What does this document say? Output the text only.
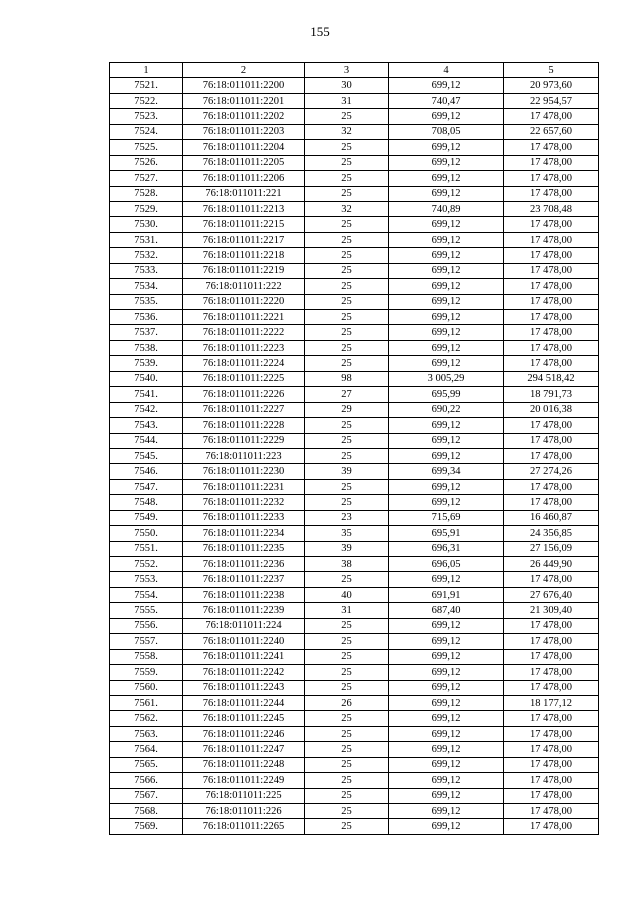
155
1	2	3	4	5
7521.	76:18:011011:2200	30	699,12	20 973,60
7522.	76:18:011011:2201	31	740,47	22 954,57
7523.	76:18:011011:2202	25	699,12	17 478,00
7524.	76:18:011011:2203	32	708,05	22 657,60
7525.	76:18:011011:2204	25	699,12	17 478,00
7526.	76:18:011011:2205	25	699,12	17 478,00
7527.	76:18:011011:2206	25	699,12	17 478,00
7528.	76:18:011011:221	25	699,12	17 478,00
7529.	76:18:011011:2213	32	740,89	23 708,48
7530.	76:18:011011:2215	25	699,12	17 478,00
7531.	76:18:011011:2217	25	699,12	17 478,00
7532.	76:18:011011:2218	25	699,12	17 478,00
7533.	76:18:011011:2219	25	699,12	17 478,00
7534.	76:18:011011:222	25	699,12	17 478,00
7535.	76:18:011011:2220	25	699,12	17 478,00
7536.	76:18:011011:2221	25	699,12	17 478,00
7537.	76:18:011011:2222	25	699,12	17 478,00
7538.	76:18:011011:2223	25	699,12	17 478,00
7539.	76:18:011011:2224	25	699,12	17 478,00
7540.	76:18:011011:2225	98	3 005,29	294 518,42
7541.	76:18:011011:2226	27	695,99	18 791,73
7542.	76:18:011011:2227	29	690,22	20 016,38
7543.	76:18:011011:2228	25	699,12	17 478,00
7544.	76:18:011011:2229	25	699,12	17 478,00
7545.	76:18:011011:223	25	699,12	17 478,00
7546.	76:18:011011:2230	39	699,34	27 274,26
7547.	76:18:011011:2231	25	699,12	17 478,00
7548.	76:18:011011:2232	25	699,12	17 478,00
7549.	76:18:011011:2233	23	715,69	16 460,87
7550.	76:18:011011:2234	35	695,91	24 356,85
7551.	76:18:011011:2235	39	696,31	27 156,09
7552.	76:18:011011:2236	38	696,05	26 449,90
7553.	76:18:011011:2237	25	699,12	17 478,00
7554.	76:18:011011:2238	40	691,91	27 676,40
7555.	76:18:011011:2239	31	687,40	21 309,40
7556.	76:18:011011:224	25	699,12	17 478,00
7557.	76:18:011011:2240	25	699,12	17 478,00
7558.	76:18:011011:2241	25	699,12	17 478,00
7559.	76:18:011011:2242	25	699,12	17 478,00
7560.	76:18:011011:2243	25	699,12	17 478,00
7561.	76:18:011011:2244	26	699,12	18 177,12
7562.	76:18:011011:2245	25	699,12	17 478,00
7563.	76:18:011011:2246	25	699,12	17 478,00
7564.	76:18:011011:2247	25	699,12	17 478,00
7565.	76:18:011011:2248	25	699,12	17 478,00
7566.	76:18:011011:2249	25	699,12	17 478,00
7567.	76:18:011011:225	25	699,12	17 478,00
7568.	76:18:011011:226	25	699,12	17 478,00
7569.	76:18:011011:2265	25	699,12	17 478,00
